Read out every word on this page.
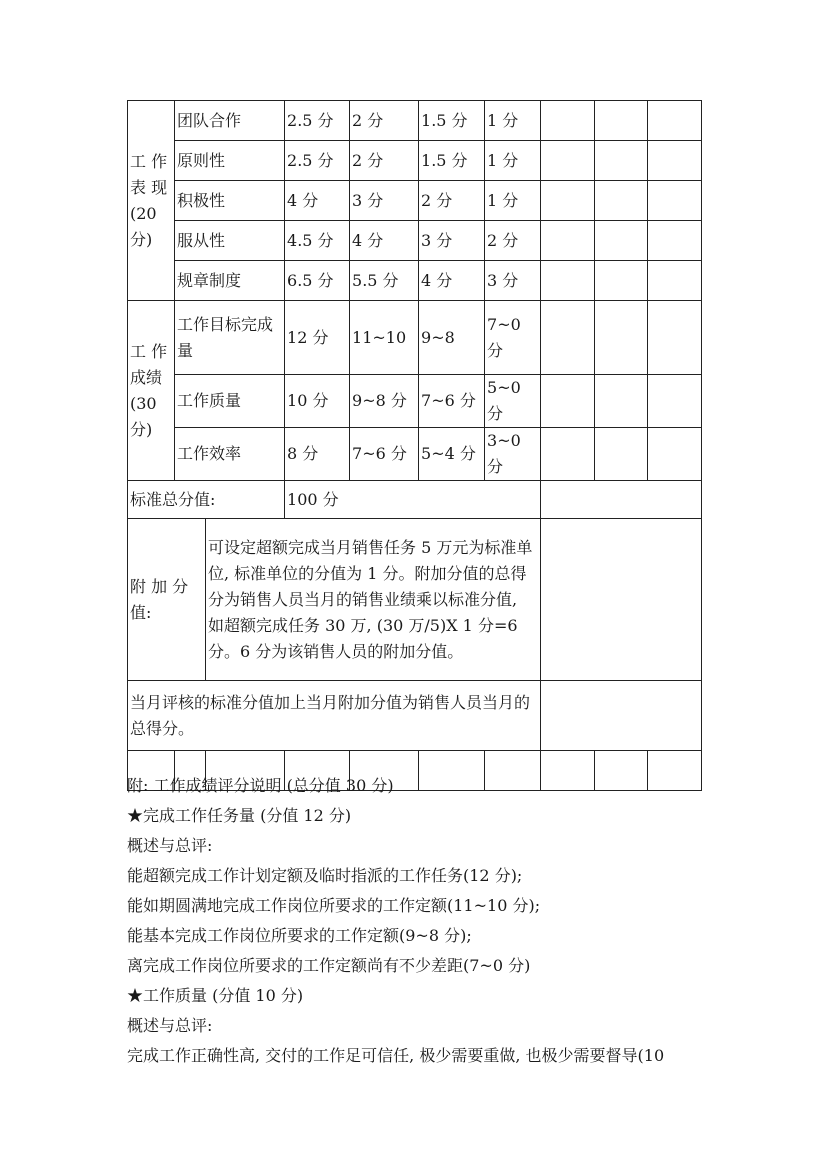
工 作 表 现 (20 分)	团队合作		2.5 分	2 分	1.5 分	1 分			
	原则性		2.5 分	2 分	1.5 分	1 分			
	积极性		4 分	3 分	2 分	1 分			
	服从性		4.5 分	4 分	3 分	2 分			
	规章制度		6.5 分	5.5 分	4 分	3 分			
工 作 成绩 (30 分)	工作目标完成量		12 分	11~10	9~8	7~0 分			
	工作质量		10 分	9~8 分	7~6 分	5~0 分			
	工作效率		8 分	7~6 分	5~4 分	3~0 分			
标准总分值:			100 分						
附 加 分 值:		可设定超额完成当月销售任务 5 万元为标准单位, 标准单位的分值为 1 分。附加分值的总得分为销售人员当月的销售业绩乘以标准分值, 如超额完成任务 30 万, (30 万/5)X 1 分=6 分。6 分为该销售人员的附加分值。							
当月评核的标准分值加上当月附加分值为销售人员当月的总得分。									

附: 工作成绩评分说明 (总分值 30 分)

★完成工作任务量 (分值 12 分)

概述与总评:

能超额完成工作计划定额及临时指派的工作任务(12 分);

能如期圆满地完成工作岗位所要求的工作定额(11~10 分);

能基本完成工作岗位所要求的工作定额(9~8 分);

离完成工作岗位所要求的工作定额尚有不少差距(7~0 分)

★工作质量 (分值 10 分)

概述与总评:

完成工作正确性高, 交付的工作足可信任, 极少需要重做, 也极少需要督导(10
